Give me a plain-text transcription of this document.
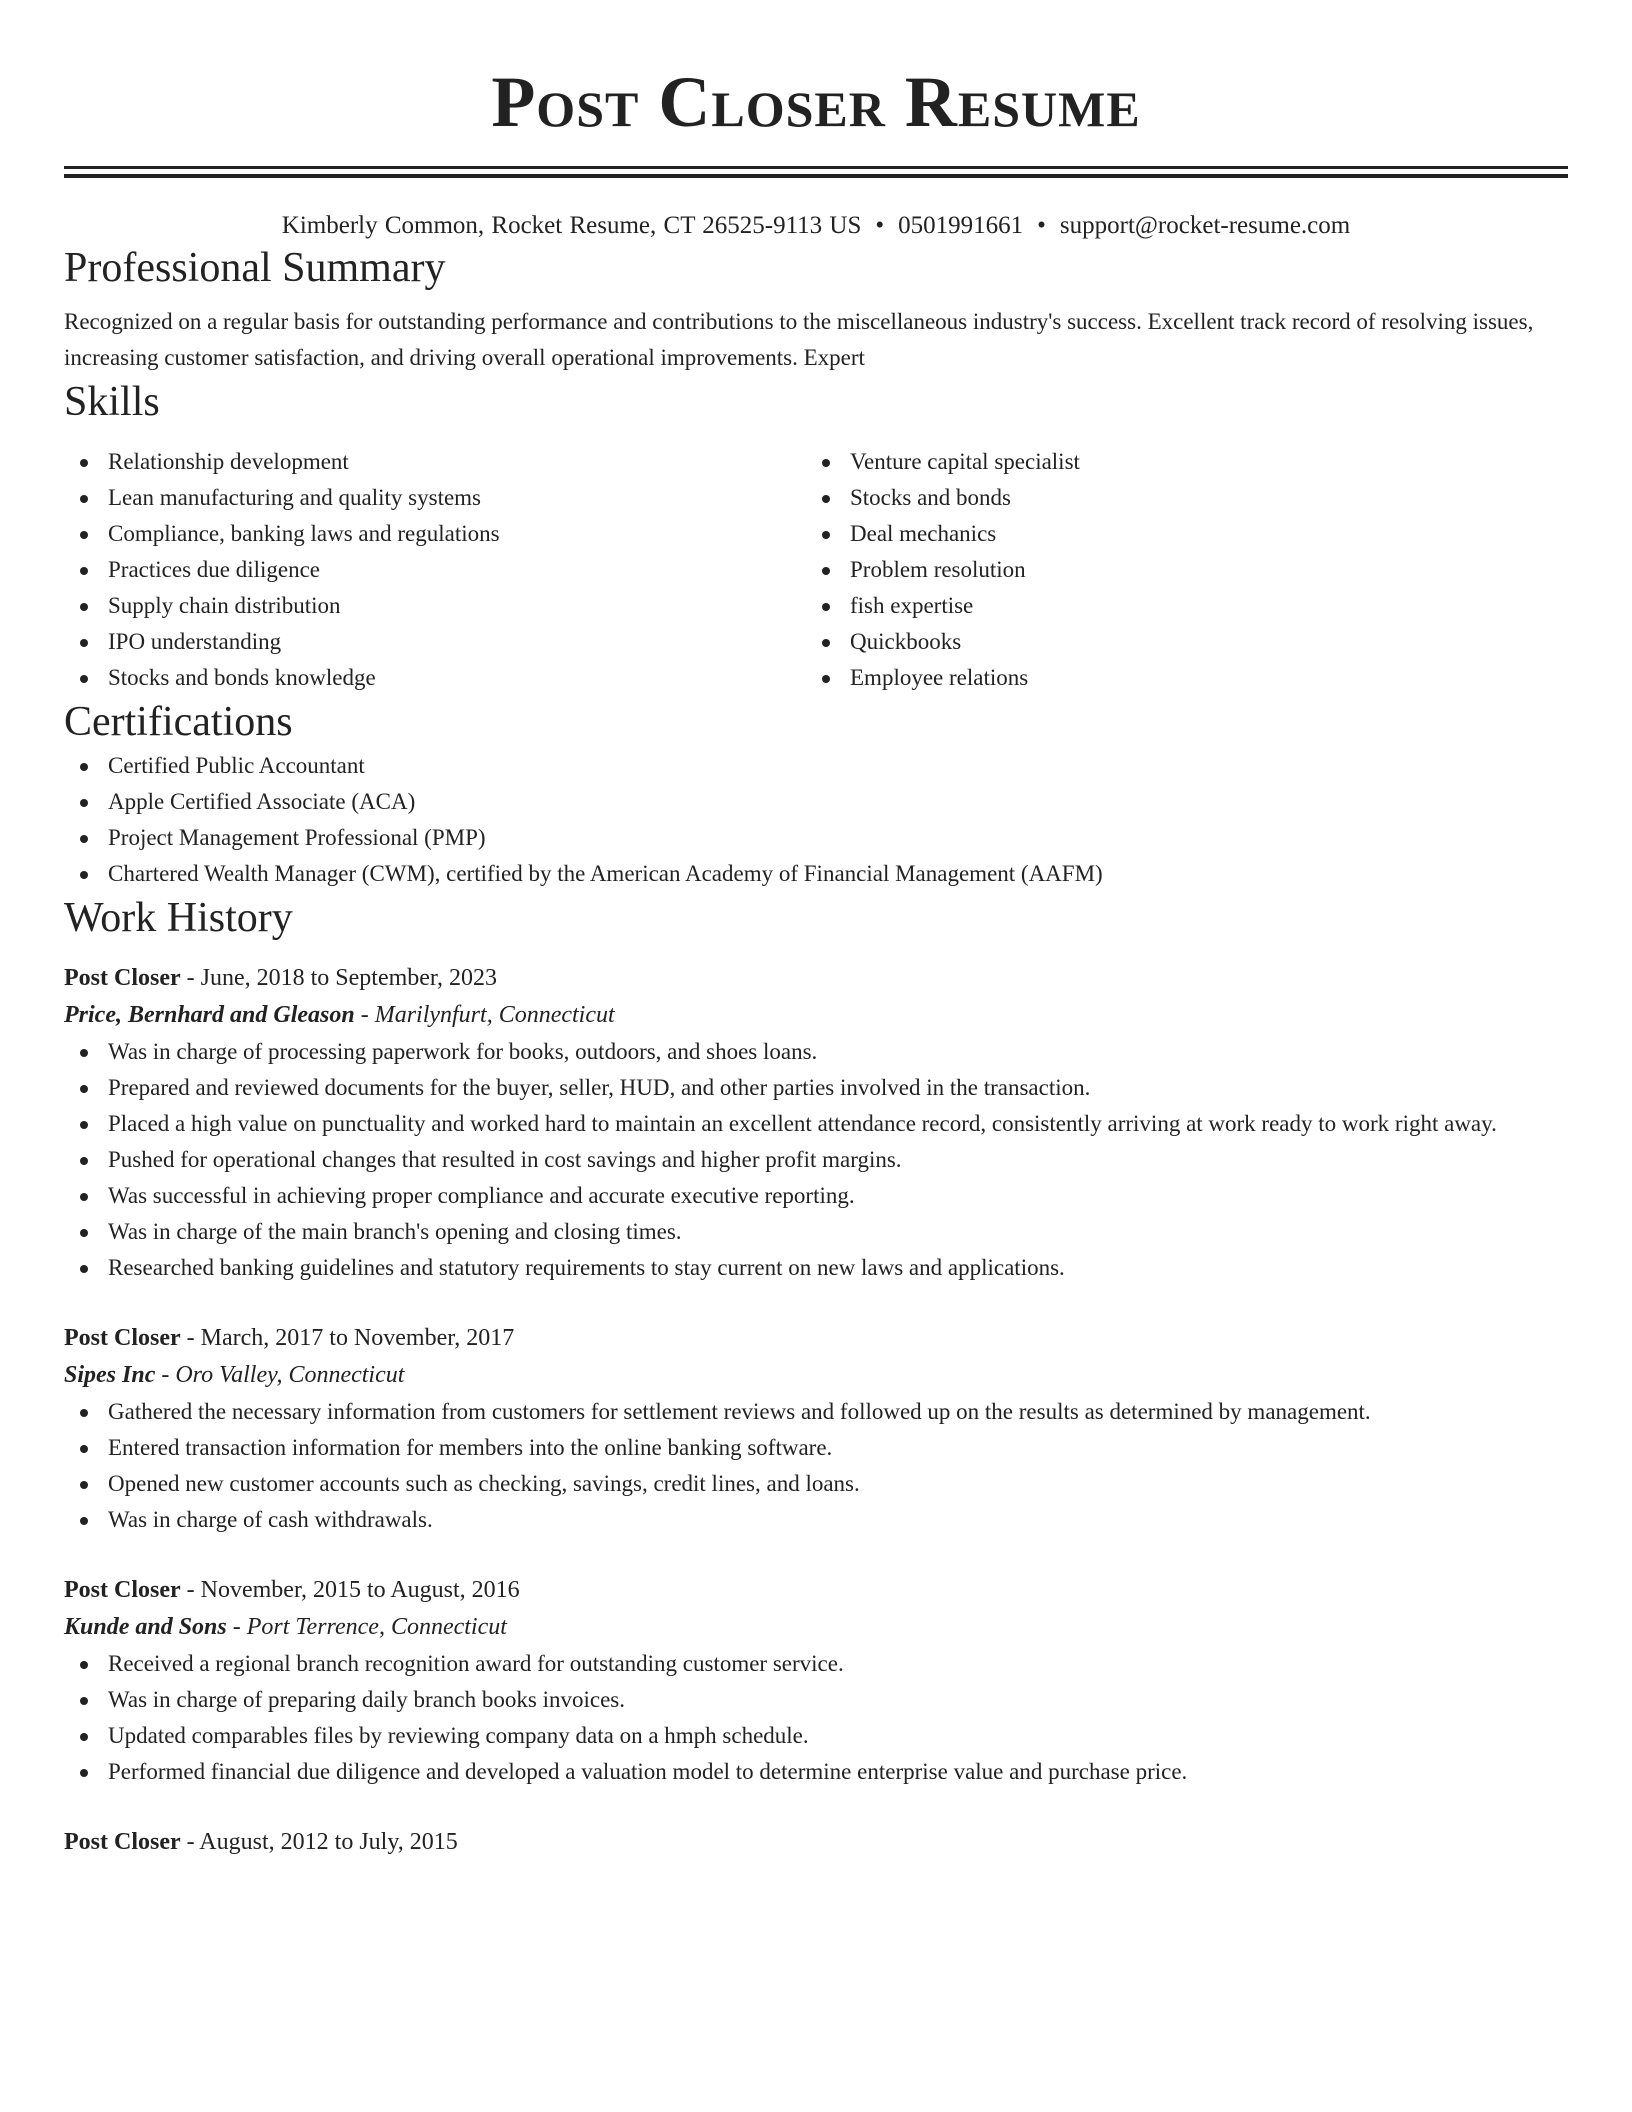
Post Closer Resume
Kimberly Common, Rocket Resume, CT 26525-9113 US • 0501991661 • support@rocket-resume.com
Professional Summary
Recognized on a regular basis for outstanding performance and contributions to the miscellaneous industry's success. Excellent track record of resolving issues, increasing customer satisfaction, and driving overall operational improvements. Expert
Skills
Relationship development
Lean manufacturing and quality systems
Compliance, banking laws and regulations
Practices due diligence
Supply chain distribution
IPO understanding
Stocks and bonds knowledge
Venture capital specialist
Stocks and bonds
Deal mechanics
Problem resolution
fish expertise
Quickbooks
Employee relations
Certifications
Certified Public Accountant
Apple Certified Associate (ACA)
Project Management Professional (PMP)
Chartered Wealth Manager (CWM), certified by the American Academy of Financial Management (AAFM)
Work History
Post Closer - June, 2018 to September, 2023
Price, Bernhard and Gleason - Marilynfurt, Connecticut
Was in charge of processing paperwork for books, outdoors, and shoes loans.
Prepared and reviewed documents for the buyer, seller, HUD, and other parties involved in the transaction.
Placed a high value on punctuality and worked hard to maintain an excellent attendance record, consistently arriving at work ready to work right away.
Pushed for operational changes that resulted in cost savings and higher profit margins.
Was successful in achieving proper compliance and accurate executive reporting.
Was in charge of the main branch's opening and closing times.
Researched banking guidelines and statutory requirements to stay current on new laws and applications.
Post Closer - March, 2017 to November, 2017
Sipes Inc - Oro Valley, Connecticut
Gathered the necessary information from customers for settlement reviews and followed up on the results as determined by management.
Entered transaction information for members into the online banking software.
Opened new customer accounts such as checking, savings, credit lines, and loans.
Was in charge of cash withdrawals.
Post Closer - November, 2015 to August, 2016
Kunde and Sons - Port Terrence, Connecticut
Received a regional branch recognition award for outstanding customer service.
Was in charge of preparing daily branch books invoices.
Updated comparables files by reviewing company data on a hmph schedule.
Performed financial due diligence and developed a valuation model to determine enterprise value and purchase price.
Post Closer - August, 2012 to July, 2015
